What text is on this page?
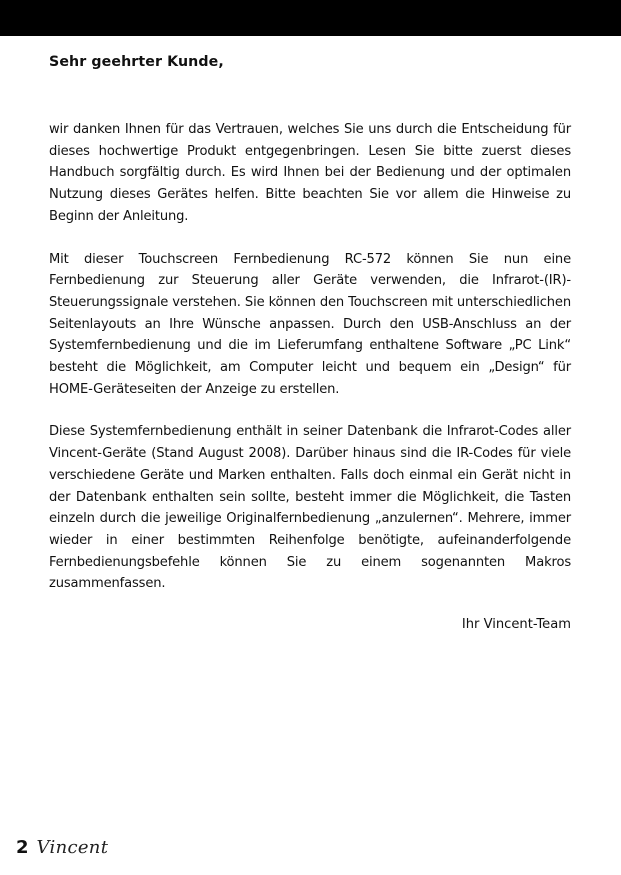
Sehr geehrter Kunde,

wir danken Ihnen für das Vertrauen, welches Sie uns durch die Entscheidung für dieses hochwertige Produkt entgegenbringen. Lesen Sie bitte zuerst dieses Handbuch sorgfältig durch. Es wird Ihnen bei der Bedienung und der optimalen Nutzung dieses Gerätes helfen. Bitte beachten Sie vor allem die Hinweise zu Beginn der Anleitung.

Mit dieser Touchscreen Fernbedienung RC-572 können Sie nun eine Fernbedienung zur Steuerung aller Geräte verwenden, die Infrarot-(IR)-Steuerungssignale verstehen. Sie können den Touchscreen mit unterschiedlichen Seitenlayouts an Ihre Wünsche anpassen. Durch den USB-Anschluss an der Systemfernbedienung und die im Lieferumfang enthaltene Software „PC Link“ besteht die Möglichkeit, am Computer leicht und bequem ein „Design“ für HOME-Geräteseiten der Anzeige zu erstellen.

Diese Systemfernbedienung enthält in seiner Datenbank die Infrarot-Codes aller Vincent-Geräte (Stand August 2008). Darüber hinaus sind die IR-Codes für viele verschiedene Geräte und Marken enthalten. Falls doch einmal ein Gerät nicht in der Datenbank enthalten sein sollte, besteht immer die Möglichkeit, die Tasten einzeln durch die jeweilige Originalfernbedienung „anzulernen“. Mehrere, immer wieder in einer bestimmten Reihenfolge benötigte, aufeinanderfolgende Fernbedienungsbefehle können Sie zu einem sogenannten Makros zusammenfassen.

Ihr Vincent-Team

2 Vincent
